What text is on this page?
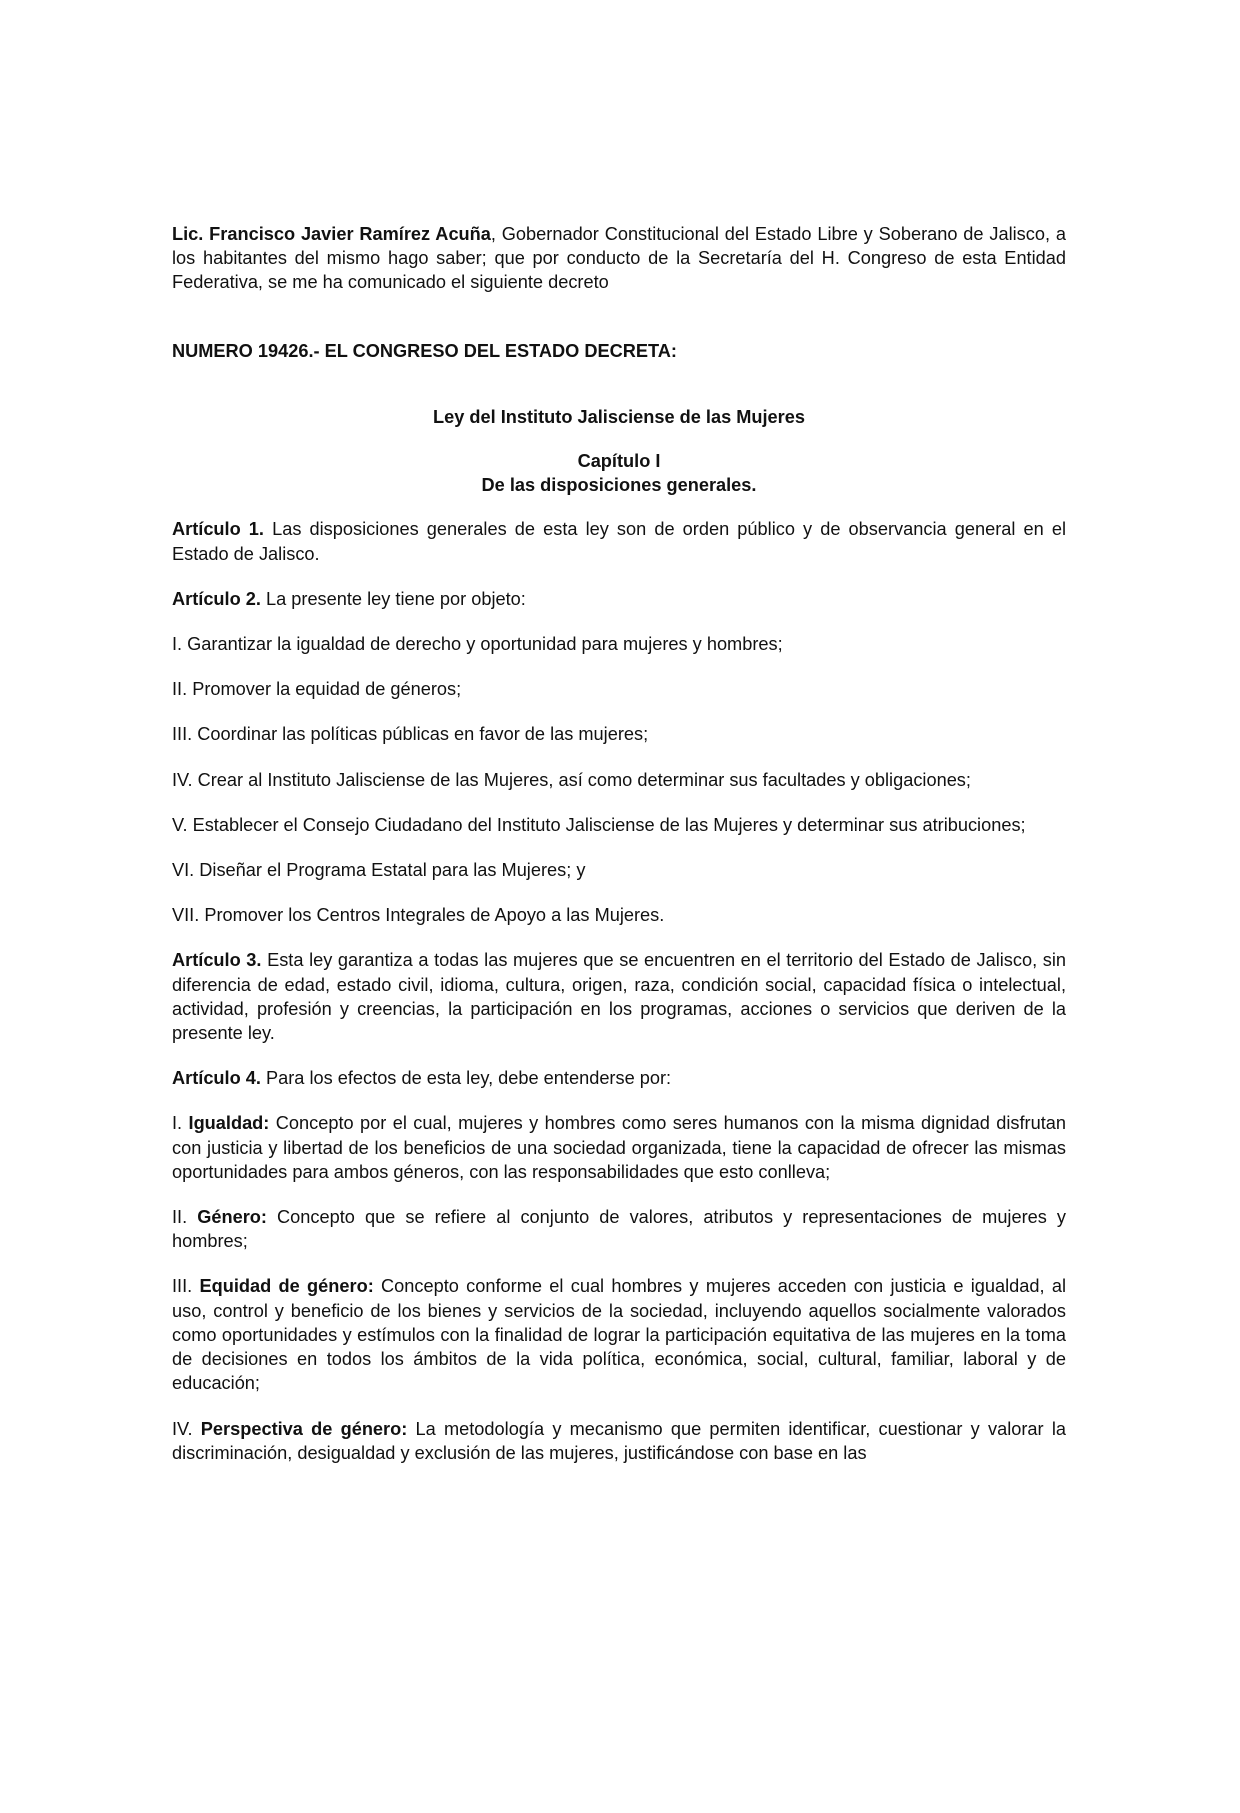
Lic. Francisco Javier Ramírez Acuña, Gobernador Constitucional del Estado Libre y Soberano de Jalisco, a los habitantes del mismo hago saber; que por conducto de la Secretaría del H. Congreso de esta Entidad Federativa, se me ha comunicado el siguiente decreto

NUMERO 19426.- EL CONGRESO DEL ESTADO DECRETA:

Ley del Instituto Jalisciense de las Mujeres

Capítulo I
De las disposiciones generales.

Artículo 1. Las disposiciones generales de esta ley son de orden público y de observancia general en el Estado de Jalisco.

Artículo 2. La presente ley tiene por objeto:

I. Garantizar la igualdad de derecho y oportunidad para mujeres y hombres;

II. Promover la equidad de géneros;

III. Coordinar las políticas públicas en favor de las mujeres;

IV. Crear al Instituto Jalisciense de las Mujeres, así como determinar sus facultades y obligaciones;

V. Establecer el Consejo Ciudadano del Instituto Jalisciense de las Mujeres y determinar sus atribuciones;

VI. Diseñar el Programa Estatal para las Mujeres; y

VII. Promover los Centros Integrales de Apoyo a las Mujeres.

Artículo 3. Esta ley garantiza a todas las mujeres que se encuentren en el territorio del Estado de Jalisco, sin diferencia de edad, estado civil, idioma, cultura, origen, raza, condición social, capacidad física o intelectual, actividad, profesión y creencias, la participación en los programas, acciones o servicios que deriven de la presente ley.

Artículo 4. Para los efectos de esta ley, debe entenderse por:

I. Igualdad: Concepto por el cual, mujeres y hombres como seres humanos con la misma dignidad disfrutan con justicia y libertad de los beneficios de una sociedad organizada, tiene la capacidad de ofrecer las mismas oportunidades para ambos géneros, con las responsabilidades que esto conlleva;

II. Género: Concepto que se refiere al conjunto de valores, atributos y representaciones de mujeres y hombres;

III. Equidad de género: Concepto conforme el cual hombres y mujeres acceden con justicia e igualdad, al uso, control y beneficio de los bienes y servicios de la sociedad, incluyendo aquellos socialmente valorados como oportunidades y estímulos con la finalidad de lograr la participación equitativa de las mujeres en la toma de decisiones en todos los ámbitos de la vida política, económica, social, cultural, familiar, laboral y de educación;

IV. Perspectiva de género: La metodología y mecanismo que permiten identificar, cuestionar y valorar la discriminación, desigualdad y exclusión de las mujeres, justificándose con base en las
